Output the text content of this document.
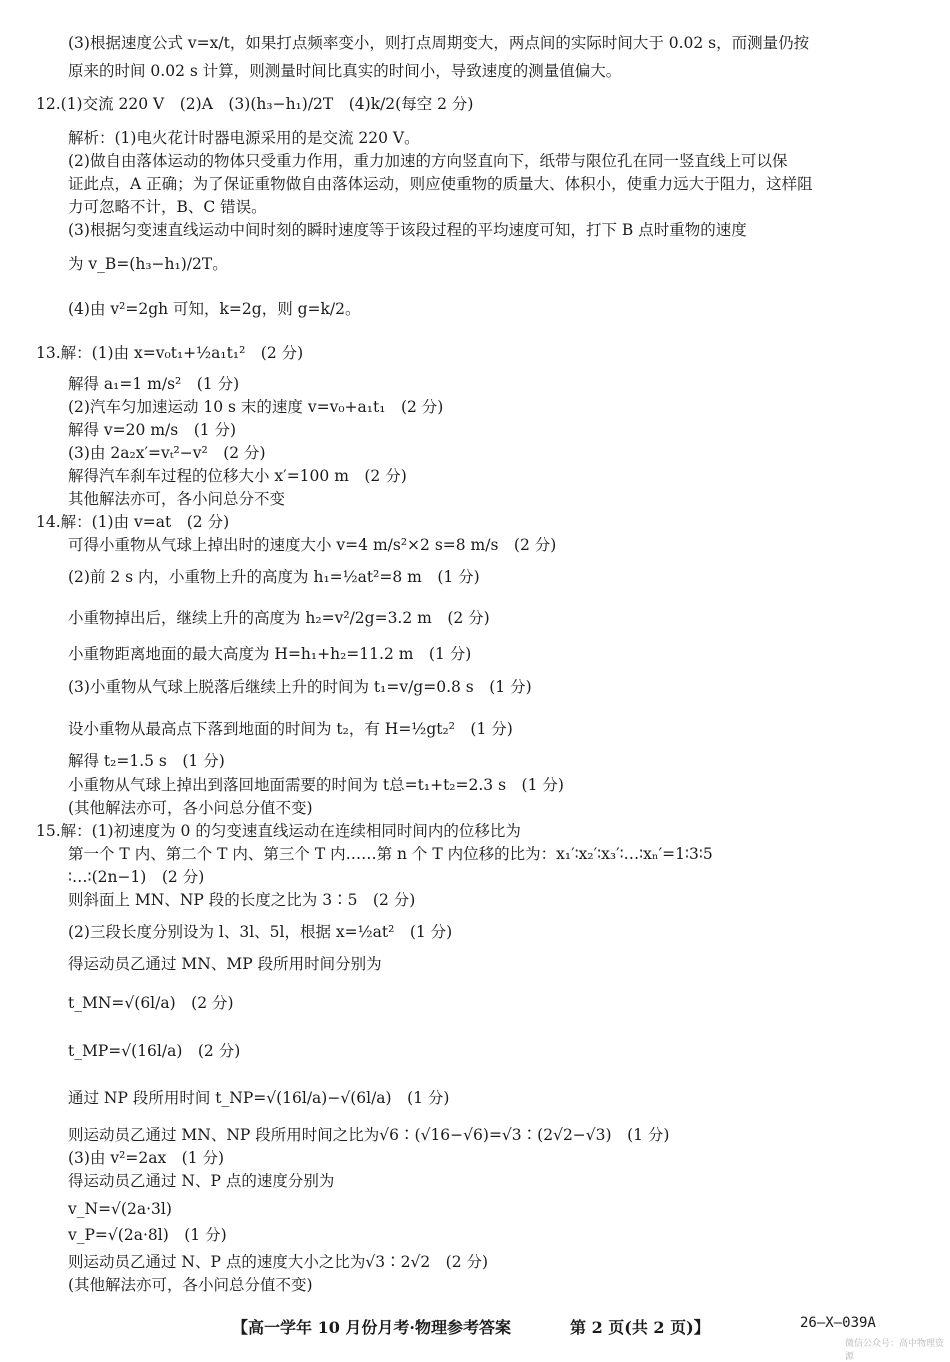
(3)根据速度公式 v=x/t，如果打点频率变小，则打点周期变大，两点间的实际时间大于 0.02 s，而测量仍按
原来的时间 0.02 s 计算，则测量时间比真实的时间小，导致速度的测量值偏大。
12.(1)交流 220 V　(2)A　(3)(h₃−h₁)/2T　(4)k/2(每空 2 分)
解析：(1)电火花计时器电源采用的是交流 220 V。
(2)做自由落体运动的物体只受重力作用，重力加速的方向竖直向下，纸带与限位孔在同一竖直线上可以保
证此点，A 正确；为了保证重物做自由落体运动，则应使重物的质量大、体积小，使重力远大于阻力，这样阻
力可忽略不计，B、C 错误。
(3)根据匀变速直线运动中间时刻的瞬时速度等于该段过程的平均速度可知，打下 B 点时重物的速度
为 v_B=(h₃−h₁)/2T。
(4)由 v²=2gh 可知，k=2g，则 g=k/2。
13.解：(1)由 x=v₀t₁+½a₁t₁²　(2 分)
解得 a₁=1 m/s²　(1 分)
(2)汽车匀加速运动 10 s 末的速度 v=v₀+a₁t₁　(2 分)
解得 v=20 m/s　(1 分)
(3)由 2a₂x′=vₜ²−v²　(2 分)
解得汽车刹车过程的位移大小 x′=100 m　(2 分)
其他解法亦可，各小问总分不变
14.解：(1)由 v=at　(2 分)
可得小重物从气球上掉出时的速度大小 v=4 m/s²×2 s=8 m/s　(2 分)
(2)前 2 s 内，小重物上升的高度为 h₁=½at²=8 m　(1 分)
小重物掉出后，继续上升的高度为 h₂=v²/2g=3.2 m　(2 分)
小重物距离地面的最大高度为 H=h₁+h₂=11.2 m　(1 分)
(3)小重物从气球上脱落后继续上升的时间为 t₁=v/g=0.8 s　(1 分)
设小重物从最高点下落到地面的时间为 t₂，有 H=½gt₂²　(1 分)
解得 t₂=1.5 s　(1 分)
小重物从气球上掉出到落回地面需要的时间为 t总=t₁+t₂=2.3 s　(1 分)
(其他解法亦可，各小问总分值不变)
15.解：(1)初速度为 0 的匀变速直线运动在连续相同时间内的位移比为
第一个 T 内、第二个 T 内、第三个 T 内……第 n 个 T 内位移的比为：x₁′∶x₂′∶x₃′∶…∶xₙ′=1∶3∶5
∶…∶(2n−1)　(2 分)
则斜面上 MN、NP 段的长度之比为 3∶5　(2 分)
(2)三段长度分别设为 l、3l、5l，根据 x=½at²　(1 分)
得运动员乙通过 MN、MP 段所用时间分别为
t_MN=√(6l/a)　(2 分)
t_MP=√(16l/a)　(2 分)
通过 NP 段所用时间 t_NP=√(16l/a)−√(6l/a)　(1 分)
则运动员乙通过 MN、NP 段所用时间之比为√6∶(√16−√6)=√3∶(2√2−√3)　(1 分)
(3)由 v²=2ax　(1 分)
得运动员乙通过 N、P 点的速度分别为
v_N=√(2a·3l)
v_P=√(2a·8l)　(1 分)
则运动员乙通过 N、P 点的速度大小之比为√3∶2√2　(2 分)
(其他解法亦可，各小问总分值不变)
【高一学年 10 月份月考·物理参考答案	第 2 页(共 2 页)】	26—X—039A
微信公众号：高中物理资源
